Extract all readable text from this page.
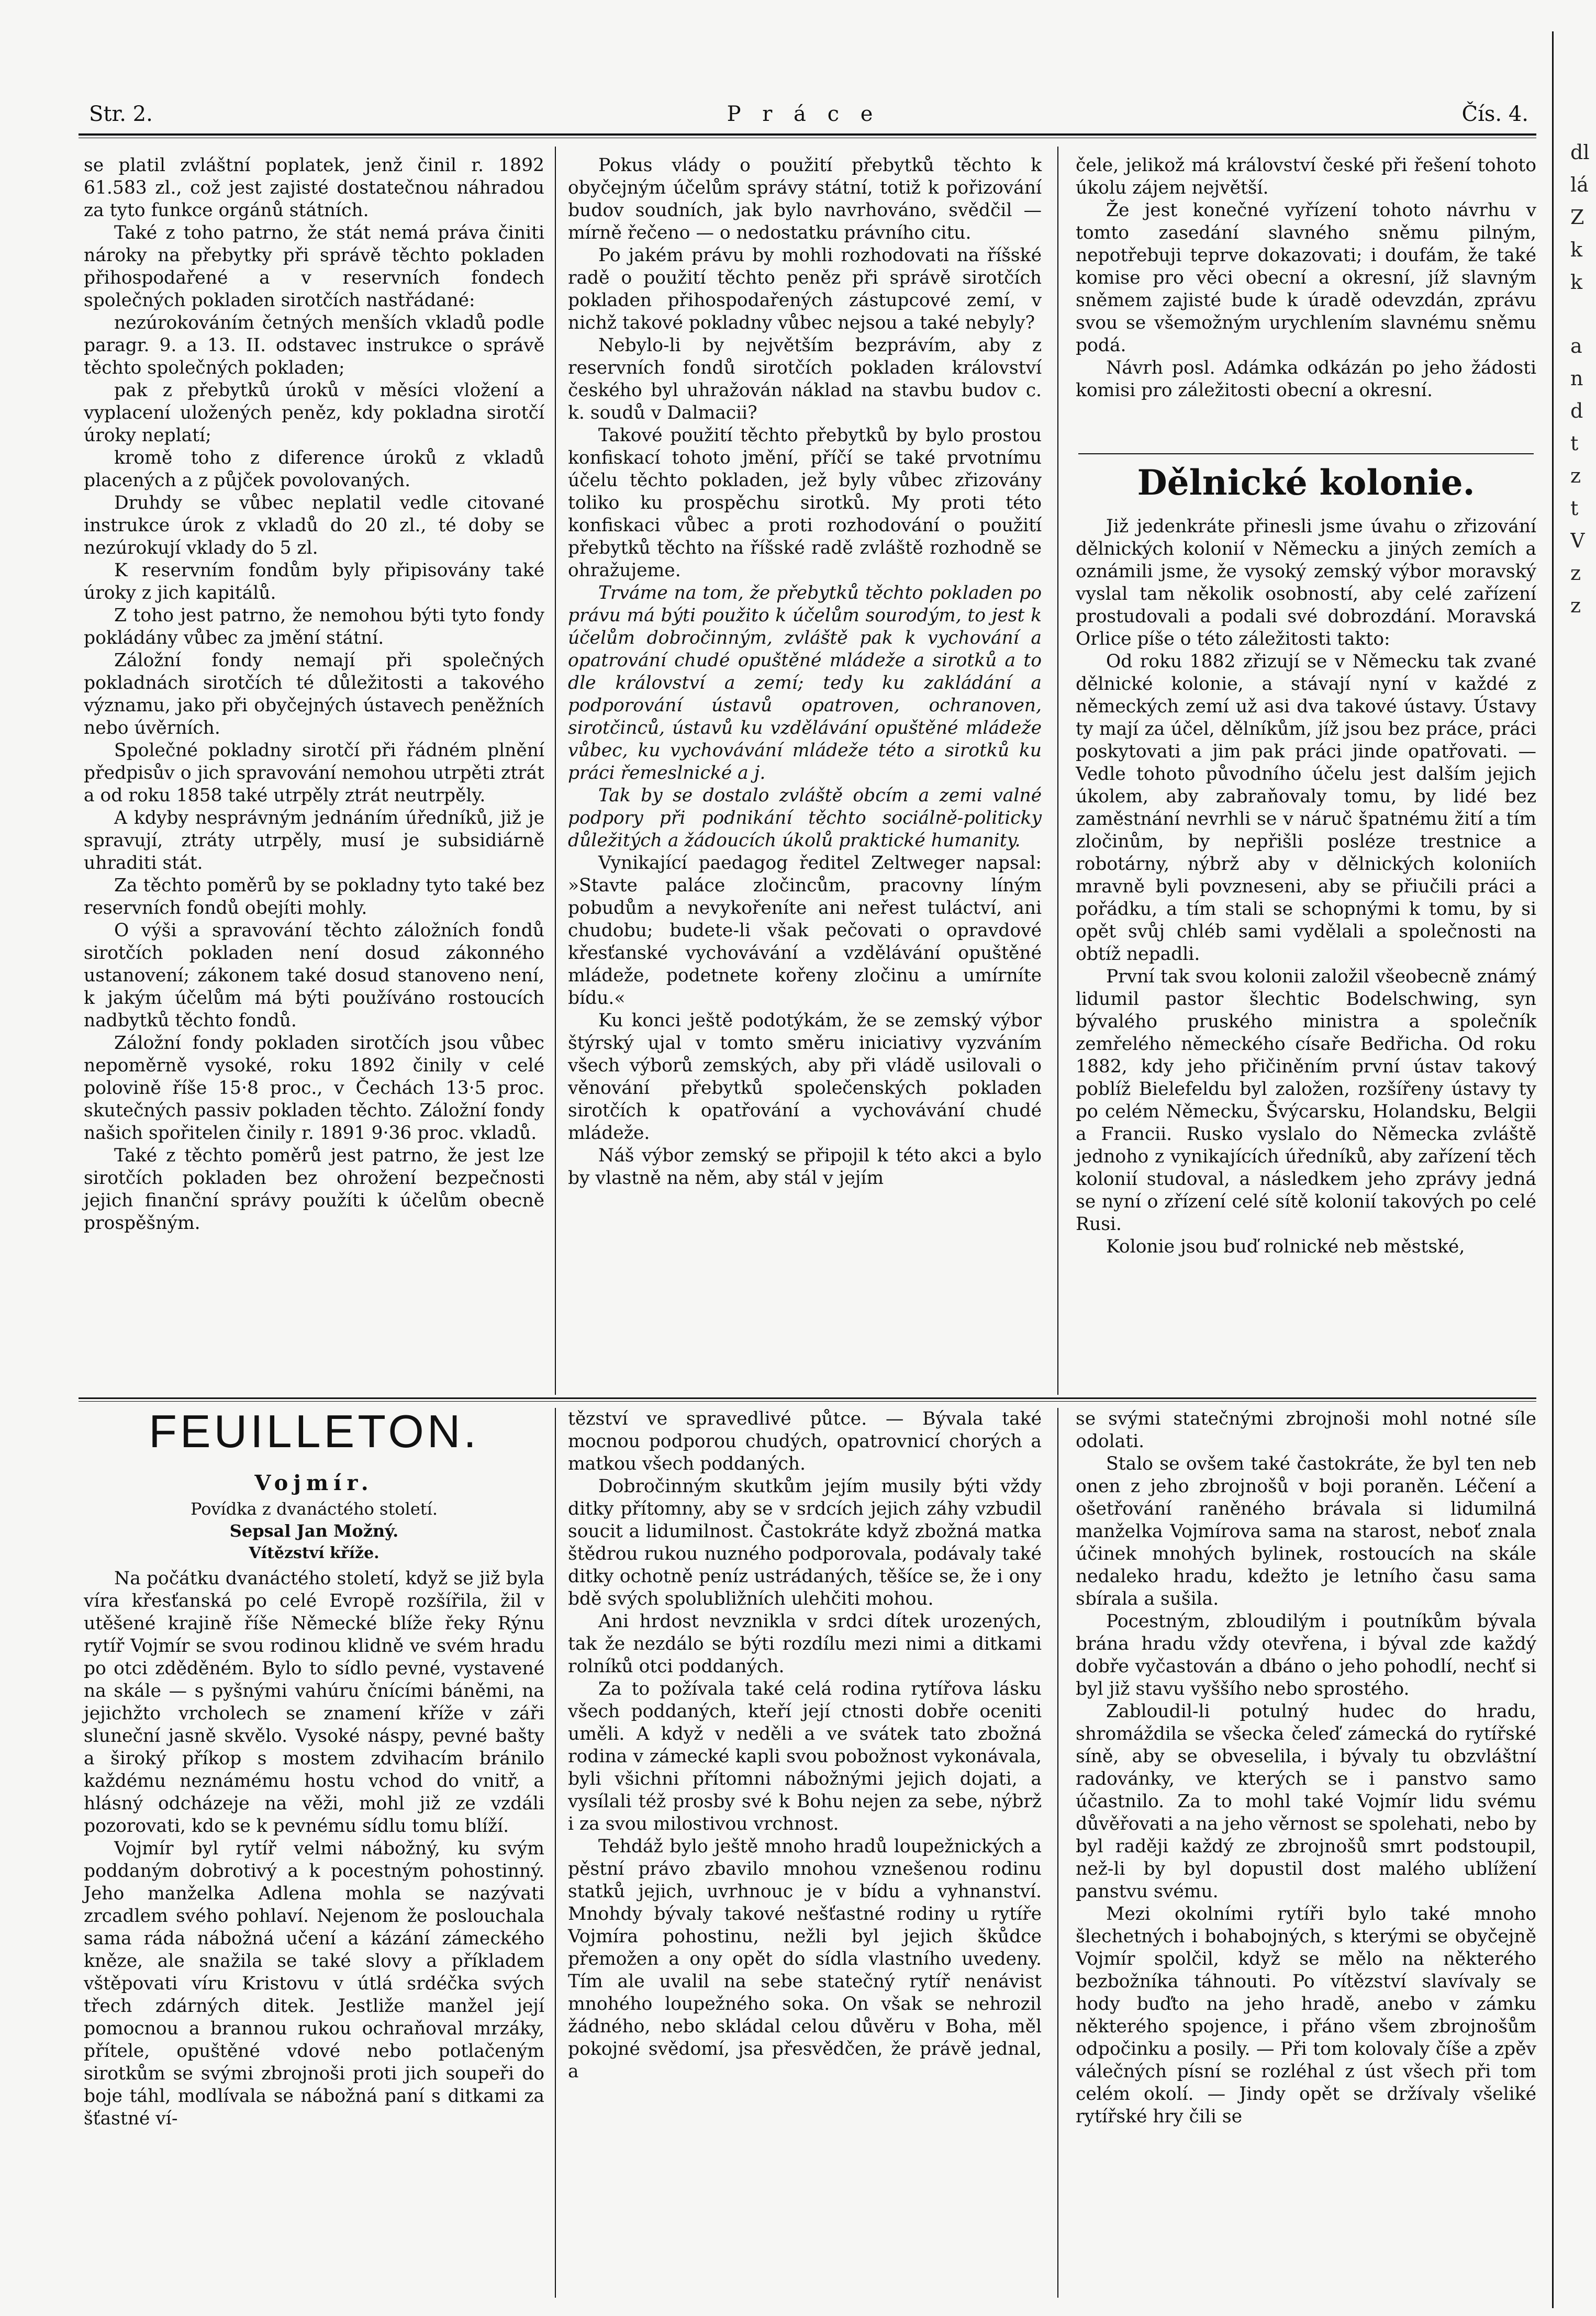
Str. 2.	P r á c e	Čís. 4.

se platil zvláštní poplatek, jenž činil r. 1892 61.583 zl., což jest zajisté dostatečnou náhradou za tyto funkce orgánů státních.

Také z toho patrno, že stát nemá práva činiti nároky na přebytky při správě těchto pokladen přihospodařené a v reservních fondech společných pokladen sirotčích nastřádané:

nezúrokováním četných menších vkladů podle paragr. 9. a 13. II. odstavec instrukce o správě těchto společných pokladen;

pak z přebytků úroků v měsíci vložení a vyplacení uložených peněz, kdy pokladna sirotčí úroky neplatí;

kromě toho z diference úroků z vkladů placených a z půjček povolovaných.

Druhdy se vůbec neplatil vedle citované instrukce úrok z vkladů do 20 zl., té doby se nezúrokují vklady do 5 zl.

K reservním fondům byly připisovány také úroky z jich kapitálů.

Z toho jest patrno, že nemohou býti tyto fondy pokládány vůbec za jmění státní.

Záložní fondy nemají při společných pokladnách sirotčích té důležitosti a takového významu, jako při obyčejných ústavech peněžních nebo úvěrních.

Společné pokladny sirotčí při řádném plnění předpisův o jich spravování nemohou utrpěti ztrát a od roku 1858 také utrpěly ztrát neutrpěly.

A kdyby nesprávným jednáním úředníků, již je spravují, ztráty utrpěly, musí je subsidiárně uhraditi stát.

Za těchto poměrů by se pokladny tyto také bez reservních fondů obejíti mohly.

O výši a spravování těchto záložních fondů sirotčích pokladen není dosud zákonného ustanovení; zákonem také dosud stanoveno není, k jakým účelům má býti používáno rostoucích nadbytků těchto fondů.

Záložní fondy pokladen sirotčích jsou vůbec nepoměrně vysoké, roku 1892 činily v celé polovině říše 15·8 proc., v Čechách 13·5 proc. skutečných passiv pokladen těchto. Záložní fondy našich spořitelen činily r. 1891 9·36 proc. vkladů.

Také z těchto poměrů jest patrno, že jest lze sirotčích pokladen bez ohrožení bezpečnosti jejich finanční správy použíti k účelům obecně prospěšným.

Pokus vlády o použití přebytků těchto k obyčejným účelům správy státní, totiž k pořizování budov soudních, jak bylo navrhováno, svědčil — mírně řečeno — o nedostatku právního citu.

Po jakém právu by mohli rozhodovati na říšské radě o použití těchto peněz při správě sirotčích pokladen přihospodařených zástupcové zemí, v nichž takové pokladny vůbec nejsou a také nebyly?

Nebylo-li by největším bezprávím, aby z reservních fondů sirotčích pokladen království českého byl uhražován náklad na stavbu budov c. k. soudů v Dalmacii?

Takové použití těchto přebytků by bylo prostou konfiskací tohoto jmění, příčí se také prvotnímu účelu těchto pokladen, jež byly vůbec zřizovány toliko ku prospěchu sirotků. My proti této konfiskaci vůbec a proti rozhodování o použití přebytků těchto na říšské radě zvláště rozhodně se ohražujeme.

Trváme na tom, že přebytků těchto pokladen po právu má býti použito k účelům sourodým, to jest k účelům dobročinným, zvláště pak k vychování a opatrování chudé opuštěné mládeže a sirotků a to dle království a zemí; tedy ku zakládání a podporování ústavů opatroven, ochranoven, sirotčinců, ústavů ku vzdělávání opuštěné mládeže vůbec, ku vychovávání mládeže této a sirotků ku práci řemeslnické a j.

Tak by se dostalo zvláště obcím a zemi valné podpory při podnikání těchto sociálně-politicky důležitých a žádoucích úkolů praktické humanity.

Vynikající paedagog ředitel Zeltweger napsal: »Stavte paláce zločincům, pracovny líným pobudům a nevykořeníte ani neřest tuláctví, ani chudobu; budete-li však pečovati o opravdové křesťanské vychovávání a vzdělávání opuštěné mládeže, podetnete kořeny zločinu a umírníte bídu.«

Ku konci ještě podotýkám, že se zemský výbor štýrský ujal v tomto směru iniciativy vyzváním všech výborů zemských, aby při vládě usilovali o věnování přebytků společenských pokladen sirotčích k opatřování a vychovávání chudé mládeže.

Náš výbor zemský se připojil k této akci a bylo by vlastně na něm, aby stál v jejím

čele, jelikož má království české při řešení tohoto úkolu zájem největší.

Že jest konečné vyřízení tohoto návrhu v tomto zasedání slavného sněmu pilným, nepotřebuji teprve dokazovati; i doufám, že také komise pro věci obecní a okresní, jíž slavným sněmem zajisté bude k úradě odevzdán, zprávu svou se všemožným urychlením slavnému sněmu podá.

Návrh posl. Adámka odkázán po jeho žádosti komisi pro záležitosti obecní a okresní.

Dělnické kolonie.

Již jedenkráte přinesli jsme úvahu o zřizování dělnických kolonií v Německu a jiných zemích a oznámili jsme, že vysoký zemský výbor moravský vyslal tam několik osobností, aby celé zařízení prostudovali a podali své dobrozdání. Moravská Orlice píše o této záležitosti takto:

Od roku 1882 zřizují se v Německu tak zvané dělnické kolonie, a stávají nyní v každé z německých zemí už asi dva takové ústavy. Ústavy ty mají za účel, dělníkům, jíž jsou bez práce, práci poskytovati a jim pak práci jinde opatřovati. — Vedle tohoto původního účelu jest dalším jejich úkolem, aby zabraňovaly tomu, by lidé bez zaměstnání nevrhli se v náruč špatnému žití a tím zločinům, by nepřišli posléze trestnice a robotárny, nýbrž aby v dělnických koloniích mravně byli povzneseni, aby se přiučili práci a pořádku, a tím stali se schopnými k tomu, by si opět svůj chléb sami vydělali a společnosti na obtíž nepadli.

První tak svou kolonii založil všeobecně známý lidumil pastor šlechtic Bodelschwing, syn bývalého pruského ministra a společník zemřelého německého císaře Bedřicha. Od roku 1882, kdy jeho přičiněním první ústav takový poblíž Bielefeldu byl založen, rozšířeny ústavy ty po celém Německu, Švýcarsku, Holandsku, Belgii a Francii. Rusko vyslalo do Německa zvláště jednoho z vynikajících úředníků, aby zařízení těch kolonií studoval, a následkem jeho zprávy jedná se nyní o zřízení celé sítě kolonií takových po celé Rusi.

Kolonie jsou buď rolnické neb městské,

FEUILLETON.
Vojmír.
Povídka z dvanáctého století.
Sepsal Jan Možný.
Vítězství kříže.

Na počátku dvanáctého století, když se již byla víra křesťanská po celé Evropě rozšířila, žil v utěšené krajině říše Německé blíže řeky Rýnu rytíř Vojmír se svou rodinou klidně ve svém hradu po otci zděděném. Bylo to sídlo pevné, vystavené na skále — s pyšnými vahúru čnícími báněmi, na jejichžto vrcholech se znamení kříže v záři sluneční jasně skvělo. Vysoké náspy, pevné bašty a široký příkop s mostem zdvihacím bránilo každému neznámému hostu vchod do vnitř, a hlásný odcházeje na věži, mohl již ze vzdáli pozorovati, kdo se k pevnému sídlu tomu blíží.

Vojmír byl rytíř velmi nábožný, ku svým poddaným dobrotivý a k pocestným pohostinný. Jeho manželka Adlena mohla se nazývati zrcadlem svého pohlaví. Nejenom že poslouchala sama ráda nábožná učení a kázání zámeckého kněze, ale snažila se také slovy a příkladem vštěpovati víru Kristovu v útlá srdéčka svých třech zdárných ditek. Jestliže manžel její pomocnou a brannou rukou ochraňoval mrzáky, přítele, opuštěné vdové nebo potlačeným sirotkům se svými zbrojnoši proti jich soupeři do boje táhl, modlívala se nábožná paní s ditkami za šťastné ví-

tězství ve spravedlivé půtce. — Bývala také mocnou podporou chudých, opatrovnicí chorých a matkou všech poddaných.

Dobročinným skutkům jejím musily býti vždy ditky přítomny, aby se v srdcích jejich záhy vzbudil soucit a lidumilnost. Častokráte když zbožná matka štědrou rukou nuzného podporovala, podávaly také ditky ochotně peníz ustrádaných, těšíce se, že i ony bdě svých spolubližních ulehčiti mohou.

Ani hrdost nevznikla v srdci dítek urozených, tak že nezdálo se býti rozdílu mezi nimi a ditkami rolníků otci poddaných.

Za to požívala také celá rodina rytířova lásku všech poddaných, kteří její ctnosti dobře oceniti uměli. A když v neděli a ve svátek tato zbožná rodina v zámecké kapli svou pobožnost vykonávala, byli všichni přítomni nábožnými jejich dojati, a vysílali též prosby své k Bohu nejen za sebe, nýbrž i za svou milostivou vrchnost.

Tehdáž bylo ještě mnoho hradů loupežnických a pěstní právo zbavilo mnohou vznešenou rodinu statků jejich, uvrhnouc je v bídu a vyhnanství. Mnohdy bývaly takové nešťastné rodiny u rytíře Vojmíra pohostinu, nežli byl jejich škůdce přemožen a ony opět do sídla vlastního uvedeny. Tím ale uvalil na sebe statečný rytíř nenávist mnohého loupežného soka. On však se nehrozil žádného, nebo skládal celou důvěru v Boha, měl pokojné svědomí, jsa přesvědčen, že právě jednal, a

se svými statečnými zbrojnoši mohl notné síle odolati.

Stalo se ovšem také častokráte, že byl ten neb onen z jeho zbrojnošů v boji poraněn. Léčení a ošetřování raněného brávala si lidumilná manželka Vojmírova sama na starost, neboť znala účinek mnohých bylinek, rostoucích na skále nedaleko hradu, kdežto je letního času sama sbírala a sušila.

Pocestným, zbloudilým i poutníkům bývala brána hradu vždy otevřena, i býval zde každý dobře vyčastován a dbáno o jeho pohodlí, nechť si byl již stavu vyššího nebo sprostého.

Zabloudil-li potulný hudec do hradu, shromáždila se všecka čeleď zámecká do rytířské síně, aby se obveselila, i bývaly tu obzvláštní radovánky, ve kterých se i panstvo samo účastnilo. Za to mohl také Vojmír lidu svému důvěřovati a na jeho věrnost se spolehati, nebo by byl raději každý ze zbrojnošů smrt podstoupil, než-li by byl dopustil dost malého ublížení panstvu svému.

Mezi okolními rytíři bylo také mnoho šlechetných i bohabojných, s kterými se obyčejně Vojmír spolčil, když se mělo na některého bezbožníka táhnouti. Po vítězství slavívaly se hody buďto na jeho hradě, anebo v zámku některého spojence, i přáno všem zbrojnošům odpočinku a posily. — Při tom kolovaly číše a zpěv válečných písní se rozléhal z úst všech při tom celém okolí. — Jindy opět se držívaly všeliké rytířské hry čili se

dl
lá
Z
k
k
a
n
d
t
z
t
V
z
z
